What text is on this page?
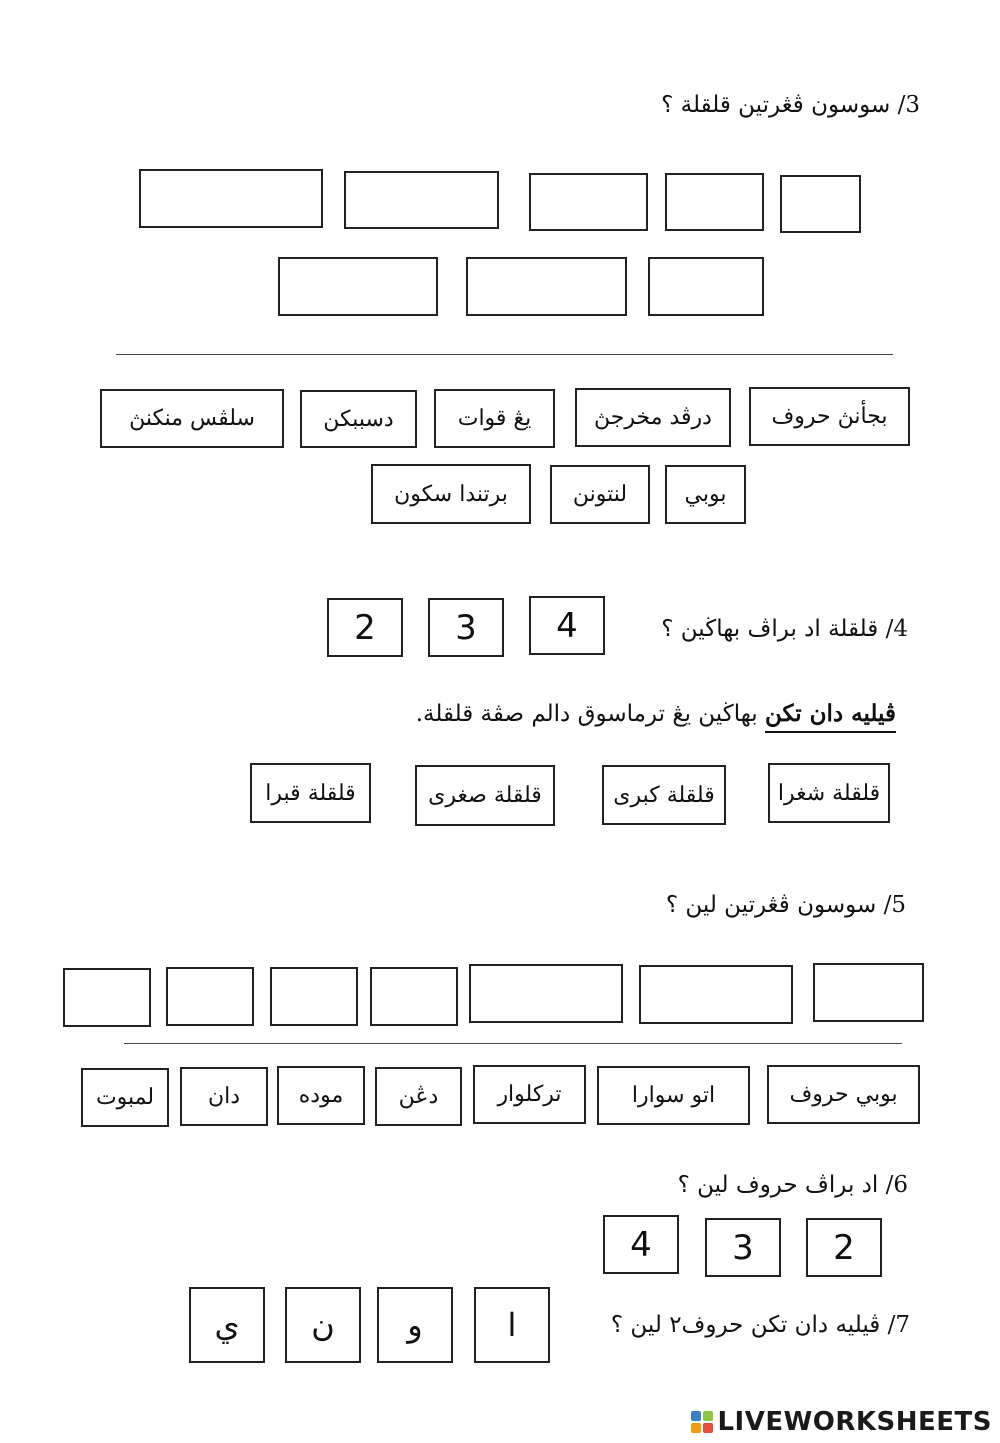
3/ سوسون ڤڠرتين قلقلة ؟
بجأنڽ حروف
درڤد مخرجڽ
يڠ قوات
دسببکن
سلڤس منکنڽ
بوبي
لنتونن
برتندا سکون
4/ قلقلة اد براڤ بهاڬين ؟
4
3
2
ڤيليه دان تکن بهاڬين يڠ ترماسوق دالم صڤة قلقلة.
قلقلة شغرا
قلقلة کبرى
قلقلة صغرى
قلقلة قبرا
5/ سوسون ڤڠرتين لين ؟
بوبي حروف
اتو سوارا
ترکلوار
دڠن
موده
دان
لمبوت
6/ اد براڤ حروف لين ؟
2
3
4
7/ ڤيليه دان تکن حروف٢ لين ؟
ا
و
ن
ي
LIVEWORKSHEETS
